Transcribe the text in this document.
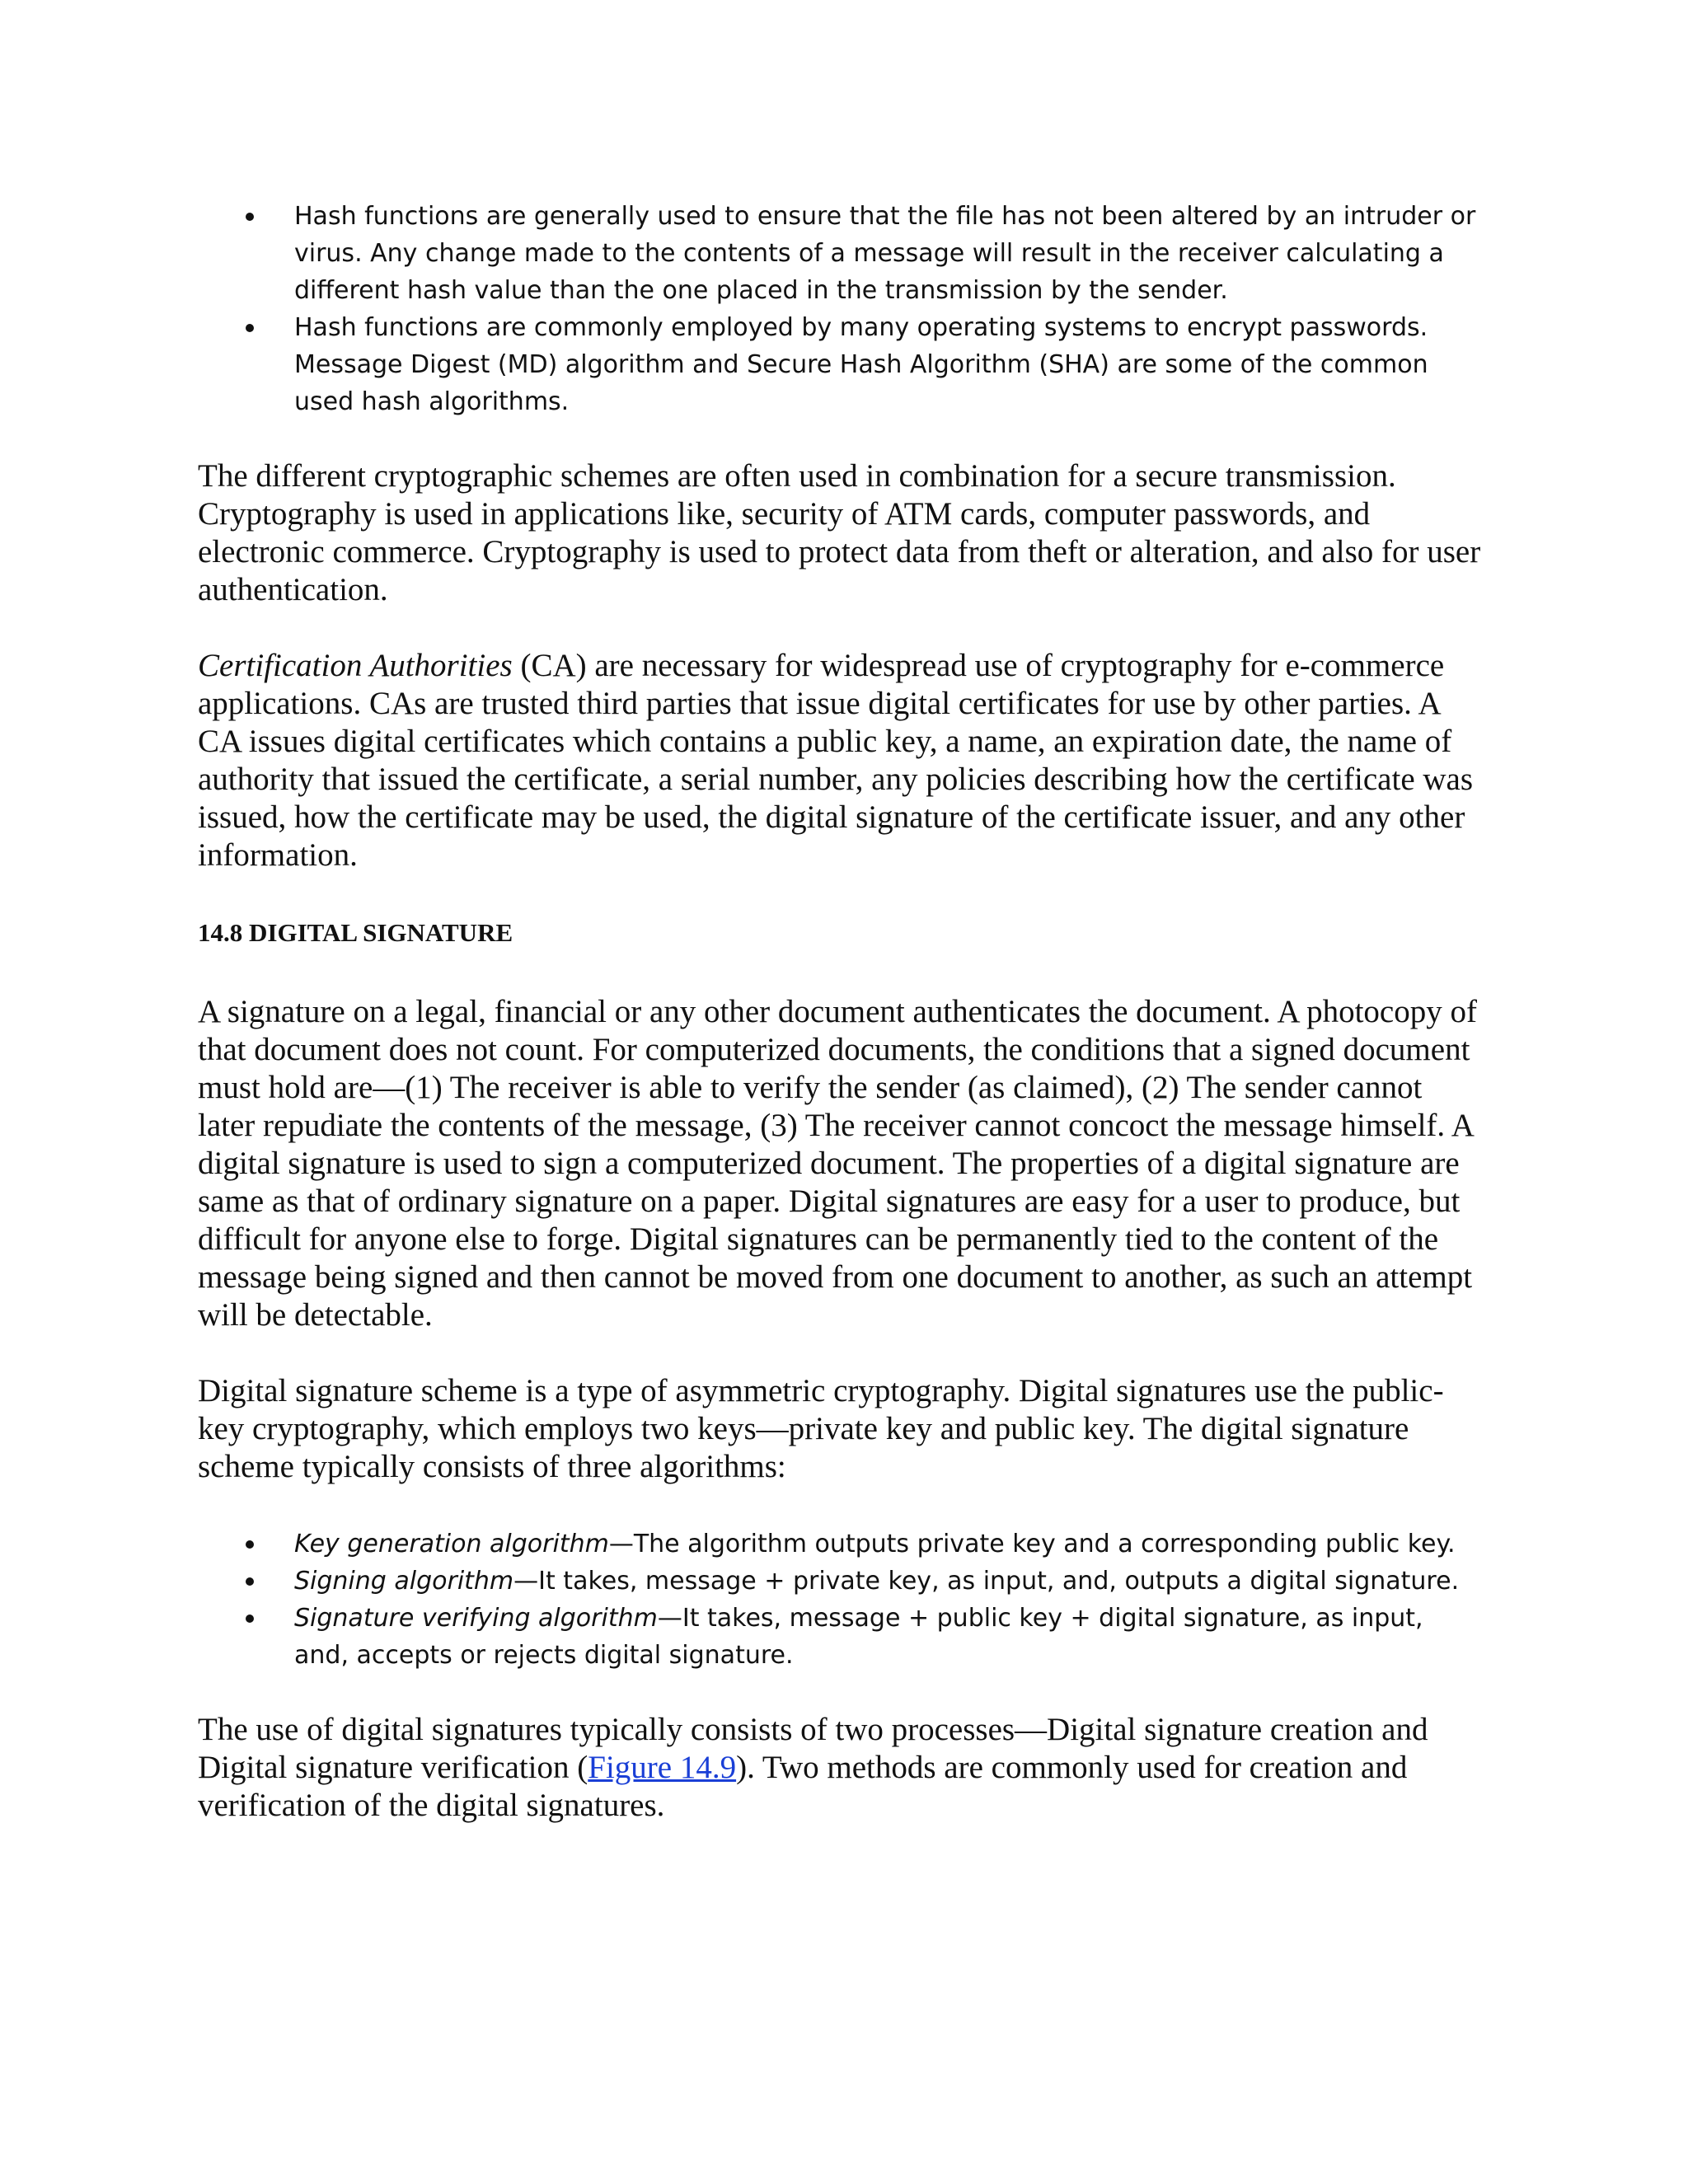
Hash functions are generally used to ensure that the file has not been altered by an intruder or virus. Any change made to the contents of a message will result in the receiver calculating a different hash value than the one placed in the transmission by the sender.
Hash functions are commonly employed by many operating systems to encrypt passwords. Message Digest (MD) algorithm and Secure Hash Algorithm (SHA) are some of the common used hash algorithms.

The different cryptographic schemes are often used in combination for a secure transmission. Cryptography is used in applications like, security of ATM cards, computer passwords, and electronic commerce. Cryptography is used to protect data from theft or alteration, and also for user authentication.

Certification Authorities (CA) are necessary for widespread use of cryptography for e-commerce applications. CAs are trusted third parties that issue digital certificates for use by other parties. A CA issues digital certificates which contains a public key, a name, an expiration date, the name of authority that issued the certificate, a serial number, any policies describing how the certificate was issued, how the certificate may be used, the digital signature of the certificate issuer, and any other information.

14.8 DIGITAL SIGNATURE

A signature on a legal, financial or any other document authenticates the document. A photocopy of that document does not count. For computerized documents, the conditions that a signed document must hold are—(1) The receiver is able to verify the sender (as claimed), (2) The sender cannot later repudiate the contents of the message, (3) The receiver cannot concoct the message himself. A digital signature is used to sign a computerized document. The properties of a digital signature are same as that of ordinary signature on a paper. Digital signatures are easy for a user to produce, but difficult for anyone else to forge. Digital signatures can be permanently tied to the content of the message being signed and then cannot be moved from one document to another, as such an attempt will be detectable.

Digital signature scheme is a type of asymmetric cryptography. Digital signatures use the public-key cryptography, which employs two keys—private key and public key. The digital signature scheme typically consists of three algorithms:

Key generation algorithm—The algorithm outputs private key and a corresponding public key.
Signing algorithm—It takes, message + private key, as input, and, outputs a digital signature.
Signature verifying algorithm—It takes, message + public key + digital signature, as input, and, accepts or rejects digital signature.

The use of digital signatures typically consists of two processes—Digital signature creation and Digital signature verification (Figure 14.9). Two methods are commonly used for creation and verification of the digital signatures.
